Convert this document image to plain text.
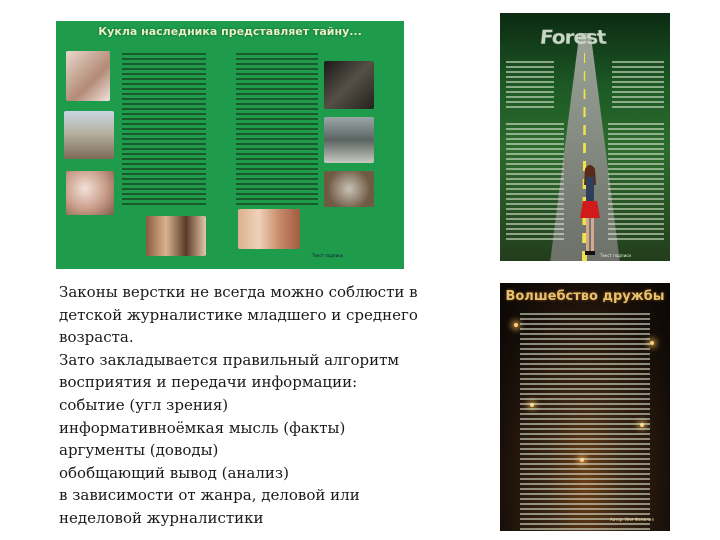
Кукла наследника представляет тайну...
Текст подписи
Forest
Текст подписи
Волшебство дружбы
Автор: Имя Фамилия
Законы верстки не всегда можно соблюсти в
детской журналистике младшего и среднего
возраста.
Зато закладывается правильный алгоритм
восприятия и передачи информации:
событие (угл зрения)
информативноёмкая мысль (факты)
аргументы (доводы)
обобщающий вывод (анализ)
в зависимости от жанра, деловой или
неделовой журналистики
